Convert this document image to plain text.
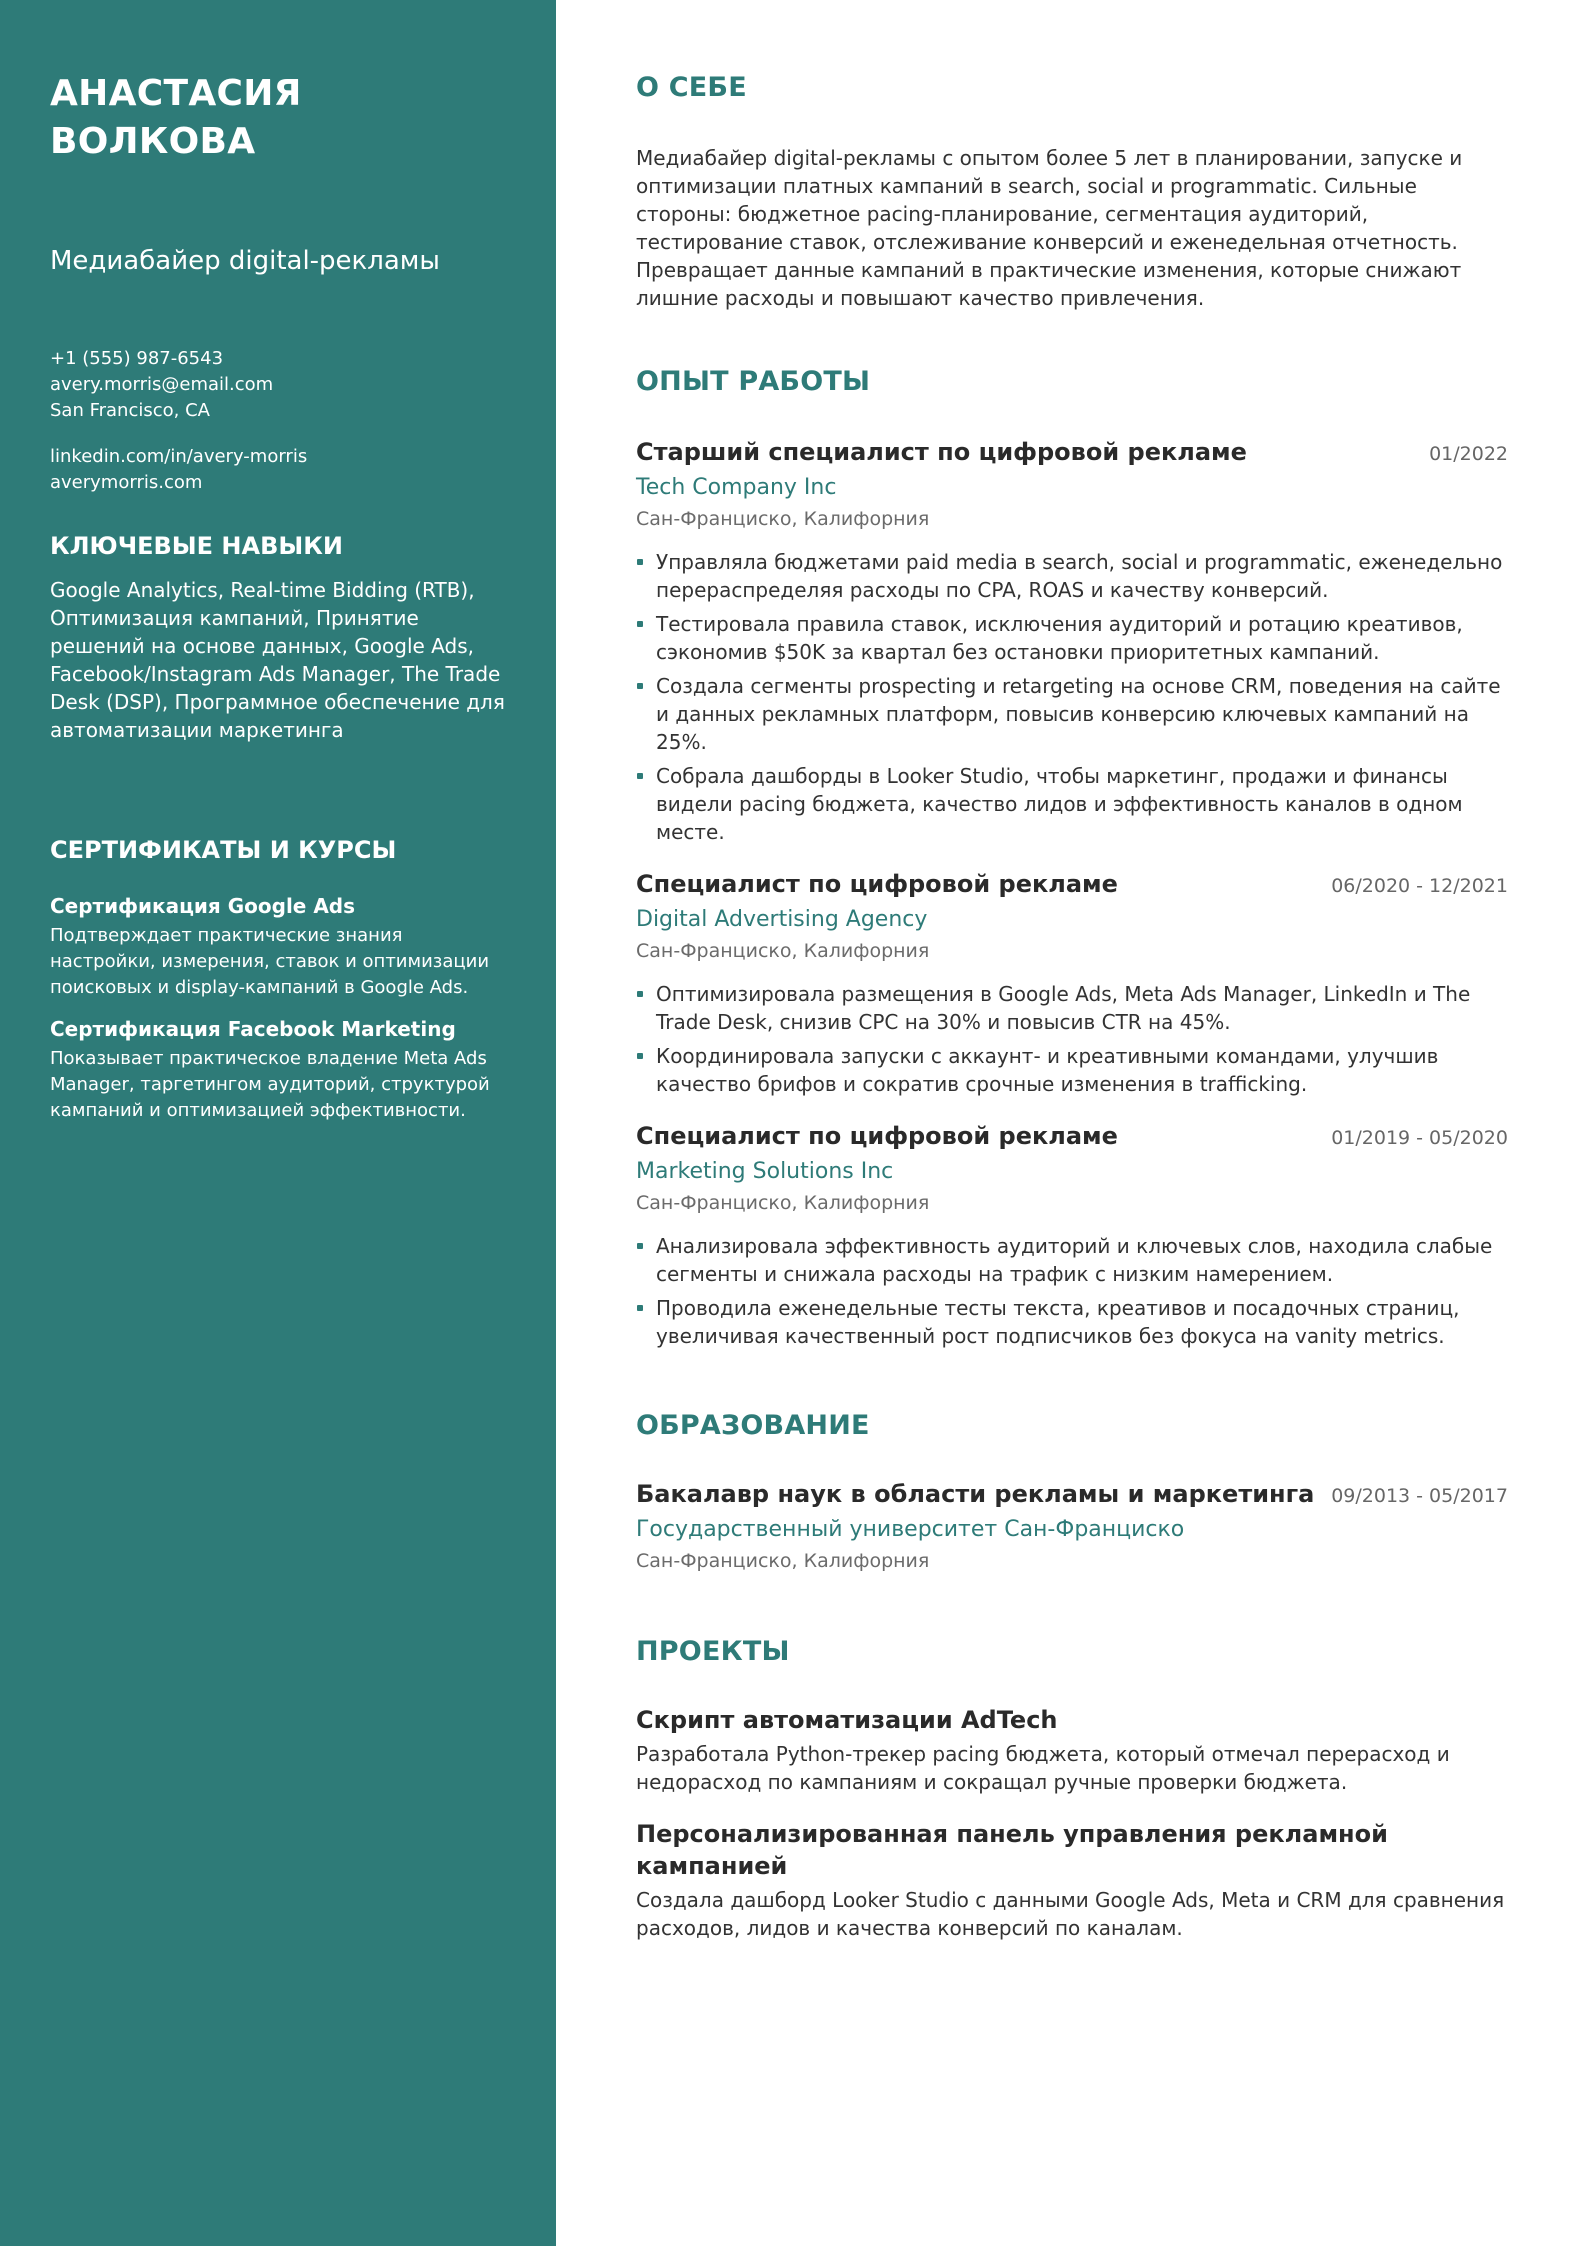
АНАСТАСИЯ ВОЛКОВА
Медиабайер digital-рекламы
+1 (555) 987-6543
avery.morris@email.com
San Francisco, CA
linkedin.com/in/avery-morris
averymorris.com
КЛЮЧЕВЫЕ НАВЫКИ

Google Analytics, Real-time Bidding (RTB), Оптимизация кампаний, Принятие решений на основе данных, Google Ads, Facebook/Instagram Ads Manager, The Trade Desk (DSP), Программное обеспечение для автоматизации маркетинга

СЕРТИФИКАТЫ И КУРСЫ
Сертификация Google Ads
Подтверждает практические знания настройки, измерения, ставок и оптимизации поисковых и display-кампаний в Google Ads.
Сертификация Facebook Marketing
Показывает практическое владение Meta Ads Manager, таргетингом аудиторий, структурой кампаний и оптимизацией эффективности.
О СЕБЕ

Медиабайер digital-рекламы с опытом более 5 лет в планировании, запуске и оптимизации платных кампаний в search, social и programmatic. Сильные стороны: бюджетное pacing-планирование, сегментация аудиторий, тестирование ставок, отслеживание конверсий и еженедельная отчетность. Превращает данные кампаний в практические изменения, которые снижают лишние расходы и повышают качество привлечения.

ОПЫТ РАБОТЫ
Старший специалист по цифровой рекламе	01/2022
Tech Company Inc
Сан-Франциско, Калифорния
Управляла бюджетами paid media в search, social и programmatic, еженедельно перераспределяя расходы по CPA, ROAS и качеству конверсий.
Тестировала правила ставок, исключения аудиторий и ротацию креативов, сэкономив $50K за квартал без остановки приоритетных кампаний.
Создала сегменты prospecting и retargeting на основе CRM, поведения на сайте и данных рекламных платформ, повысив конверсию ключевых кампаний на 25%.
Собрала дашборды в Looker Studio, чтобы маркетинг, продажи и финансы видели pacing бюджета, качество лидов и эффективность каналов в одном месте.
Специалист по цифровой рекламе	06/2020 - 12/2021
Digital Advertising Agency
Сан-Франциско, Калифорния
Оптимизировала размещения в Google Ads, Meta Ads Manager, LinkedIn и The Trade Desk, снизив CPC на 30% и повысив CTR на 45%.
Координировала запуски с аккаунт- и креативными командами, улучшив качество брифов и сократив срочные изменения в trafficking.
Специалист по цифровой рекламе	01/2019 - 05/2020
Marketing Solutions Inc
Сан-Франциско, Калифорния
Анализировала эффективность аудиторий и ключевых слов, находила слабые сегменты и снижала расходы на трафик с низким намерением.
Проводила еженедельные тесты текста, креативов и посадочных страниц, увеличивая качественный рост подписчиков без фокуса на vanity metrics.
ОБРАЗОВАНИЕ
Бакалавр наук в области рекламы и маркетинга 09/2013 - 05/2017
Государственный университет Сан-Франциско
Сан-Франциско, Калифорния
ПРОЕКТЫ
Скрипт автоматизации AdTech
Разработала Python-трекер pacing бюджета, который отмечал перерасход и недорасход по кампаниям и сокращал ручные проверки бюджета.
Персонализированная панель управления рекламной кампанией
Создала дашборд Looker Studio с данными Google Ads, Meta и CRM для сравнения расходов, лидов и качества конверсий по каналам.
